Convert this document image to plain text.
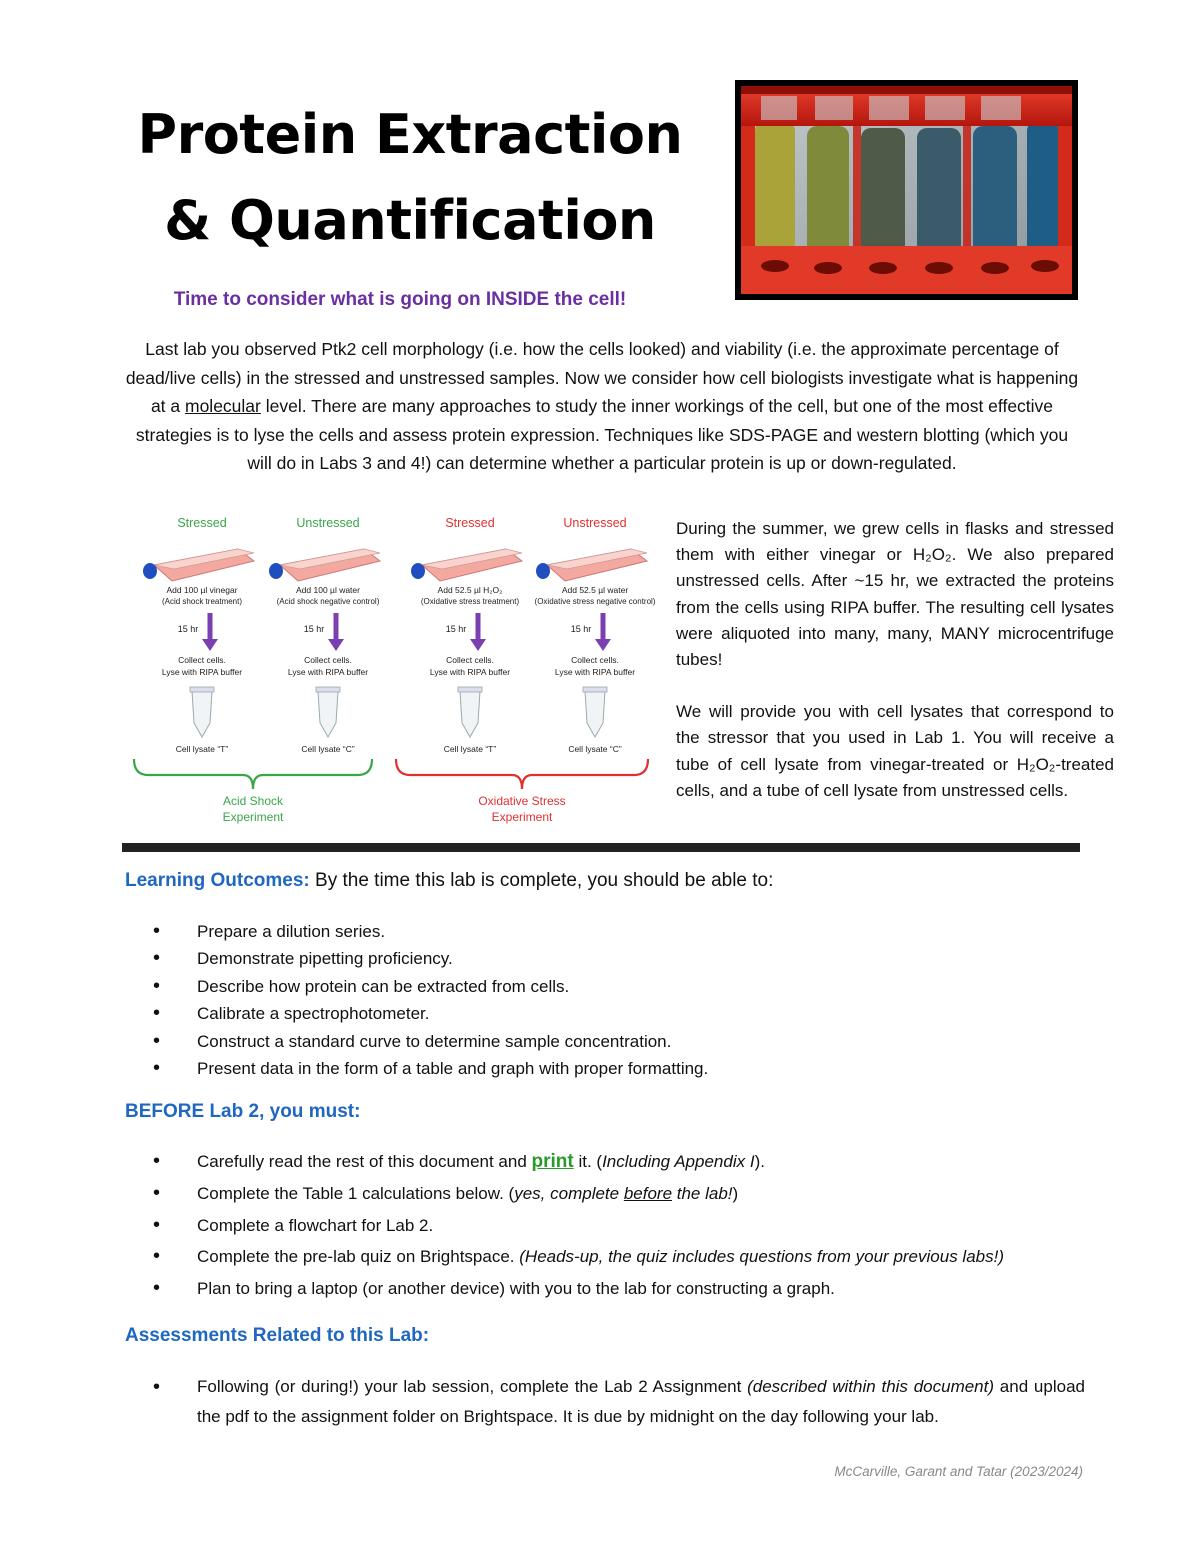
Protein Extraction
& Quantification
Time to consider what is going on INSIDE the cell!
Last lab you observed Ptk2 cell morphology (i.e. how the cells looked) and viability (i.e. the approximate percentage of dead/live cells) in the stressed and unstressed samples. Now we consider how cell biologists investigate what is happening at a molecular level. There are many approaches to study the inner workings of the cell, but one of the most effective strategies is to lyse the cells and assess protein expression. Techniques like SDS-PAGE and western blotting (which you will do in Labs 3 and 4!) can determine whether a particular protein is up or down-regulated.
Stressed
Add 100 µl vinegar
(Acid shock treatment)
15 hr
Collect cells.
Lyse with RIPA buffer
Cell lysate “T”
Unstressed
Add 100 µl water
(Acid shock negative control)
15 hr
Collect cells.
Lyse with RIPA buffer
Cell lysate “C”
Stressed
Add 52.5 µl H₂O₂
(Oxidative stress treatment)
15 hr
Collect cells.
Lyse with RIPA buffer
Cell lysate “T”
Unstressed
Add 52.5 µl water
(Oxidative stress negative control)
15 hr
Collect cells.
Lyse with RIPA buffer
Cell lysate “C”
Acid Shock
Experiment
Oxidative Stress
Experiment

During the summer, we grew cells in flasks and stressed them with either vinegar or H₂O₂. We also prepared unstressed cells. After ~15 hr, we extracted the proteins from the cells using RIPA buffer. The resulting cell lysates were aliquoted into many, many, MANY microcentrifuge tubes!

We will provide you with cell lysates that correspond to the stressor that you used in Lab 1. You will receive a tube of cell lysate from vinegar-treated or H₂O₂-treated cells, and a tube of cell lysate from unstressed cells.

Learning Outcomes: By the time this lab is complete, you should be able to:
• Prepare a dilution series.
• Demonstrate pipetting proficiency.
• Describe how protein can be extracted from cells.
• Calibrate a spectrophotometer.
• Construct a standard curve to determine sample concentration.
• Present data in the form of a table and graph with proper formatting.
BEFORE Lab 2, you must:
• Carefully read the rest of this document and print it. (Including Appendix I).
• Complete the Table 1 calculations below. (yes, complete before the lab!)
• Complete a flowchart for Lab 2.
• Complete the pre-lab quiz on Brightspace. (Heads-up, the quiz includes questions from your previous labs!)
• Plan to bring a laptop (or another device) with you to the lab for constructing a graph.
Assessments Related to this Lab:
• Following (or during!) your lab session, complete the Lab 2 Assignment (described within this document) and upload the pdf to the assignment folder on Brightspace. It is due by midnight on the day following your lab.
McCarville, Garant and Tatar (2023/2024)
